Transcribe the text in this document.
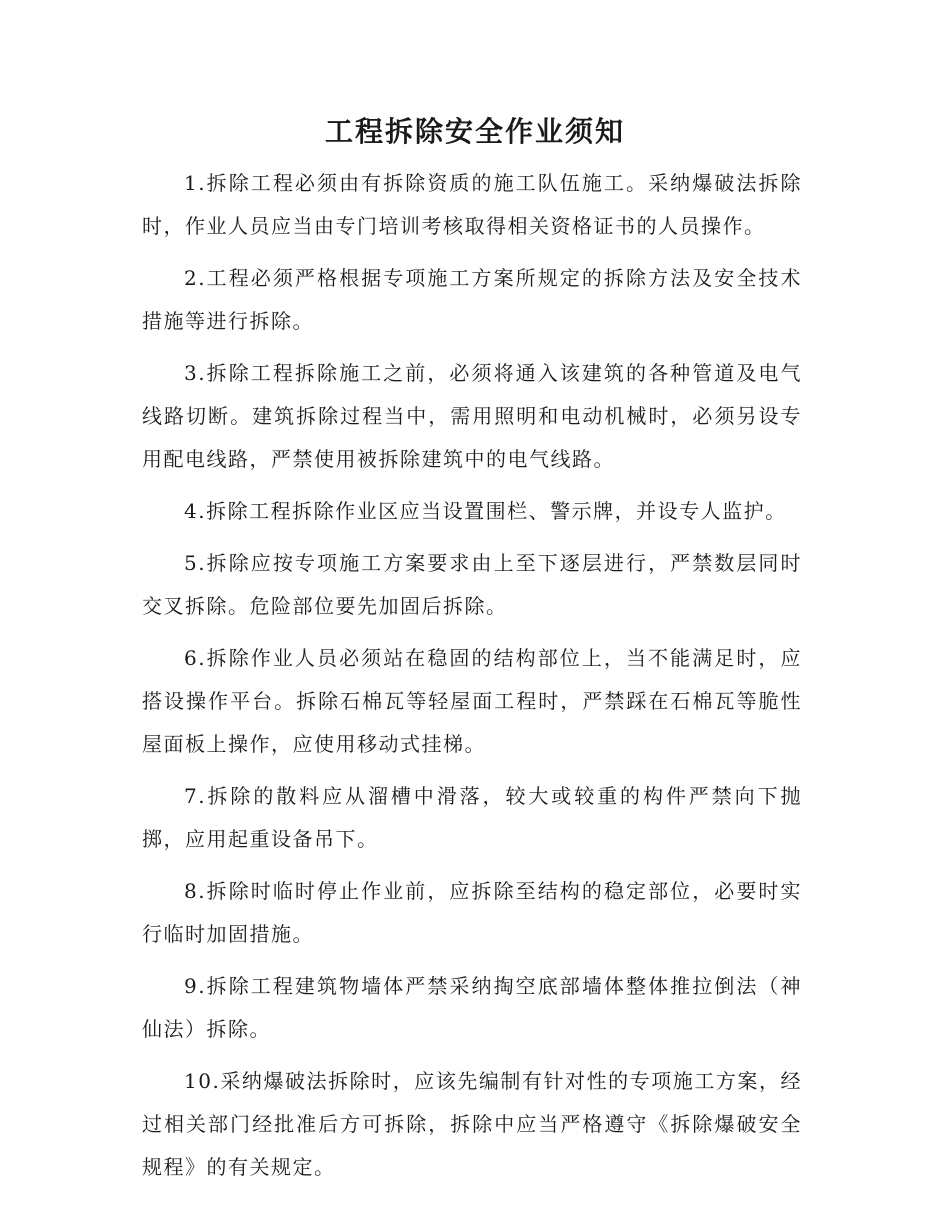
工程拆除安全作业须知

1.拆除工程必须由有拆除资质的施工队伍施工。采纳爆破法拆除时，作业人员应当由专门培训考核取得相关资格证书的人员操作。

2.工程必须严格根据专项施工方案所规定的拆除方法及安全技术措施等进行拆除。

3.拆除工程拆除施工之前，必须将通入该建筑的各种管道及电气线路切断。建筑拆除过程当中，需用照明和电动机械时，必须另设专用配电线路，严禁使用被拆除建筑中的电气线路。

4.拆除工程拆除作业区应当设置围栏、警示牌，并设专人监护。

5.拆除应按专项施工方案要求由上至下逐层进行，严禁数层同时交叉拆除。危险部位要先加固后拆除。

6.拆除作业人员必须站在稳固的结构部位上，当不能满足时，应搭设操作平台。拆除石棉瓦等轻屋面工程时，严禁踩在石棉瓦等脆性屋面板上操作，应使用移动式挂梯。

7.拆除的散料应从溜槽中滑落，较大或较重的构件严禁向下抛掷，应用起重设备吊下。

8.拆除时临时停止作业前，应拆除至结构的稳定部位，必要时实行临时加固措施。

9.拆除工程建筑物墙体严禁采纳掏空底部墙体整体推拉倒法（神仙法）拆除。

10.采纳爆破法拆除时，应该先编制有针对性的专项施工方案，经过相关部门经批准后方可拆除，拆除中应当严格遵守《拆除爆破安全规程》的有关规定。
